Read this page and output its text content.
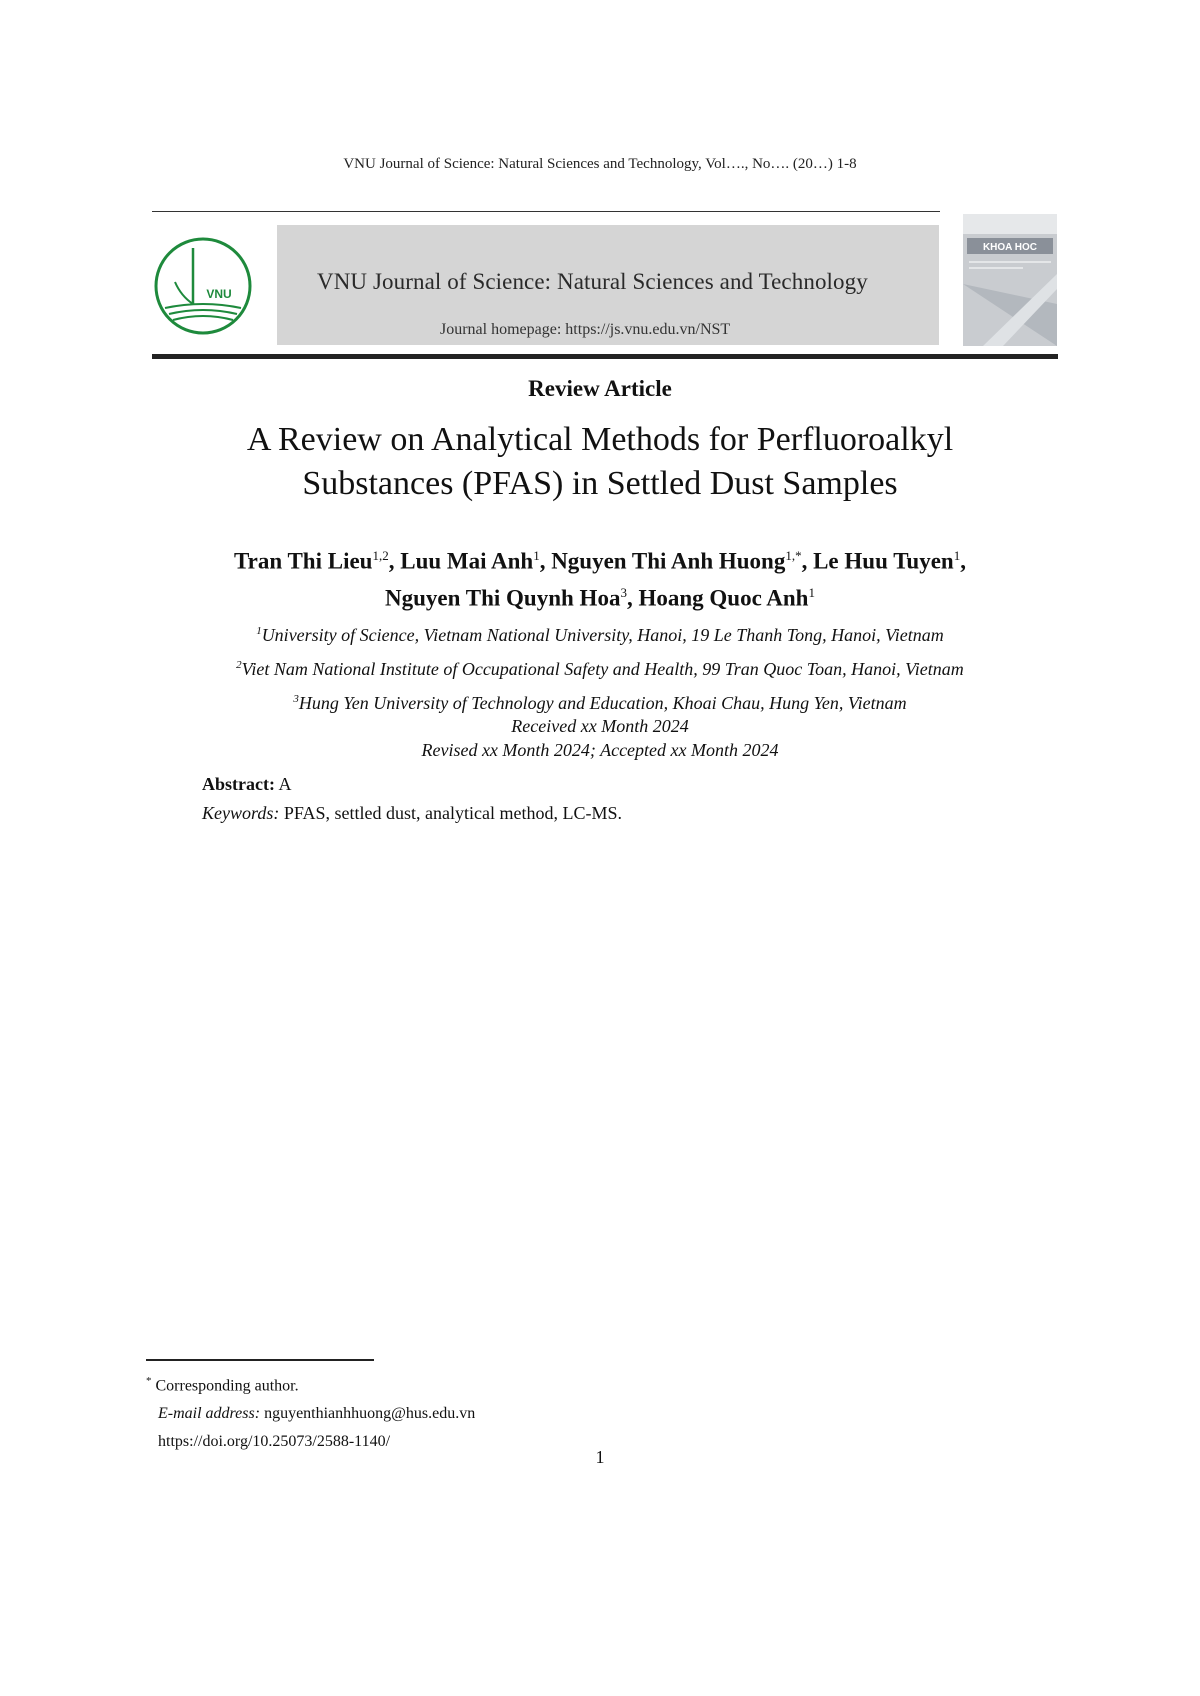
VNU Journal of Science: Natural Sciences and Technology, Vol…., No…. (20…) 1-8
VNU	VNU Journal of Science: Natural Sciences and Technology
Journal homepage: https://js.vnu.edu.vn/NST
KHOA HOC
Review Article
A Review on Analytical Methods for Perfluoroalkyl
Substances (PFAS) in Settled Dust Samples
Tran Thi Lieu$^{1,2}$, Luu Mai Anh$^1$, Nguyen Thi Anh Huong$^{1,*}$, Le Huu Tuyen$^1$,
Nguyen Thi Quynh Hoa$^3$, Hoang Quoc Anh$^1$
$^1$University of Science, Vietnam National University, Hanoi, 19 Le Thanh Tong, Hanoi, Vietnam
$^2$Viet Nam National Institute of Occupational Safety and Health, 99 Tran Quoc Toan, Hanoi, Vietnam
$^3$Hung Yen University of Technology and Education, Khoai Chau, Hung Yen, Vietnam
Received xx Month 2024
Revised xx Month 2024; Accepted xx Month 2024
Abstract: A
Keywords: PFAS, settled dust, analytical method, LC-MS.
* Corresponding author.
E-mail address: nguyenthianhhuong@hus.edu.vn
https://doi.org/10.25073/2588-1140/
1
